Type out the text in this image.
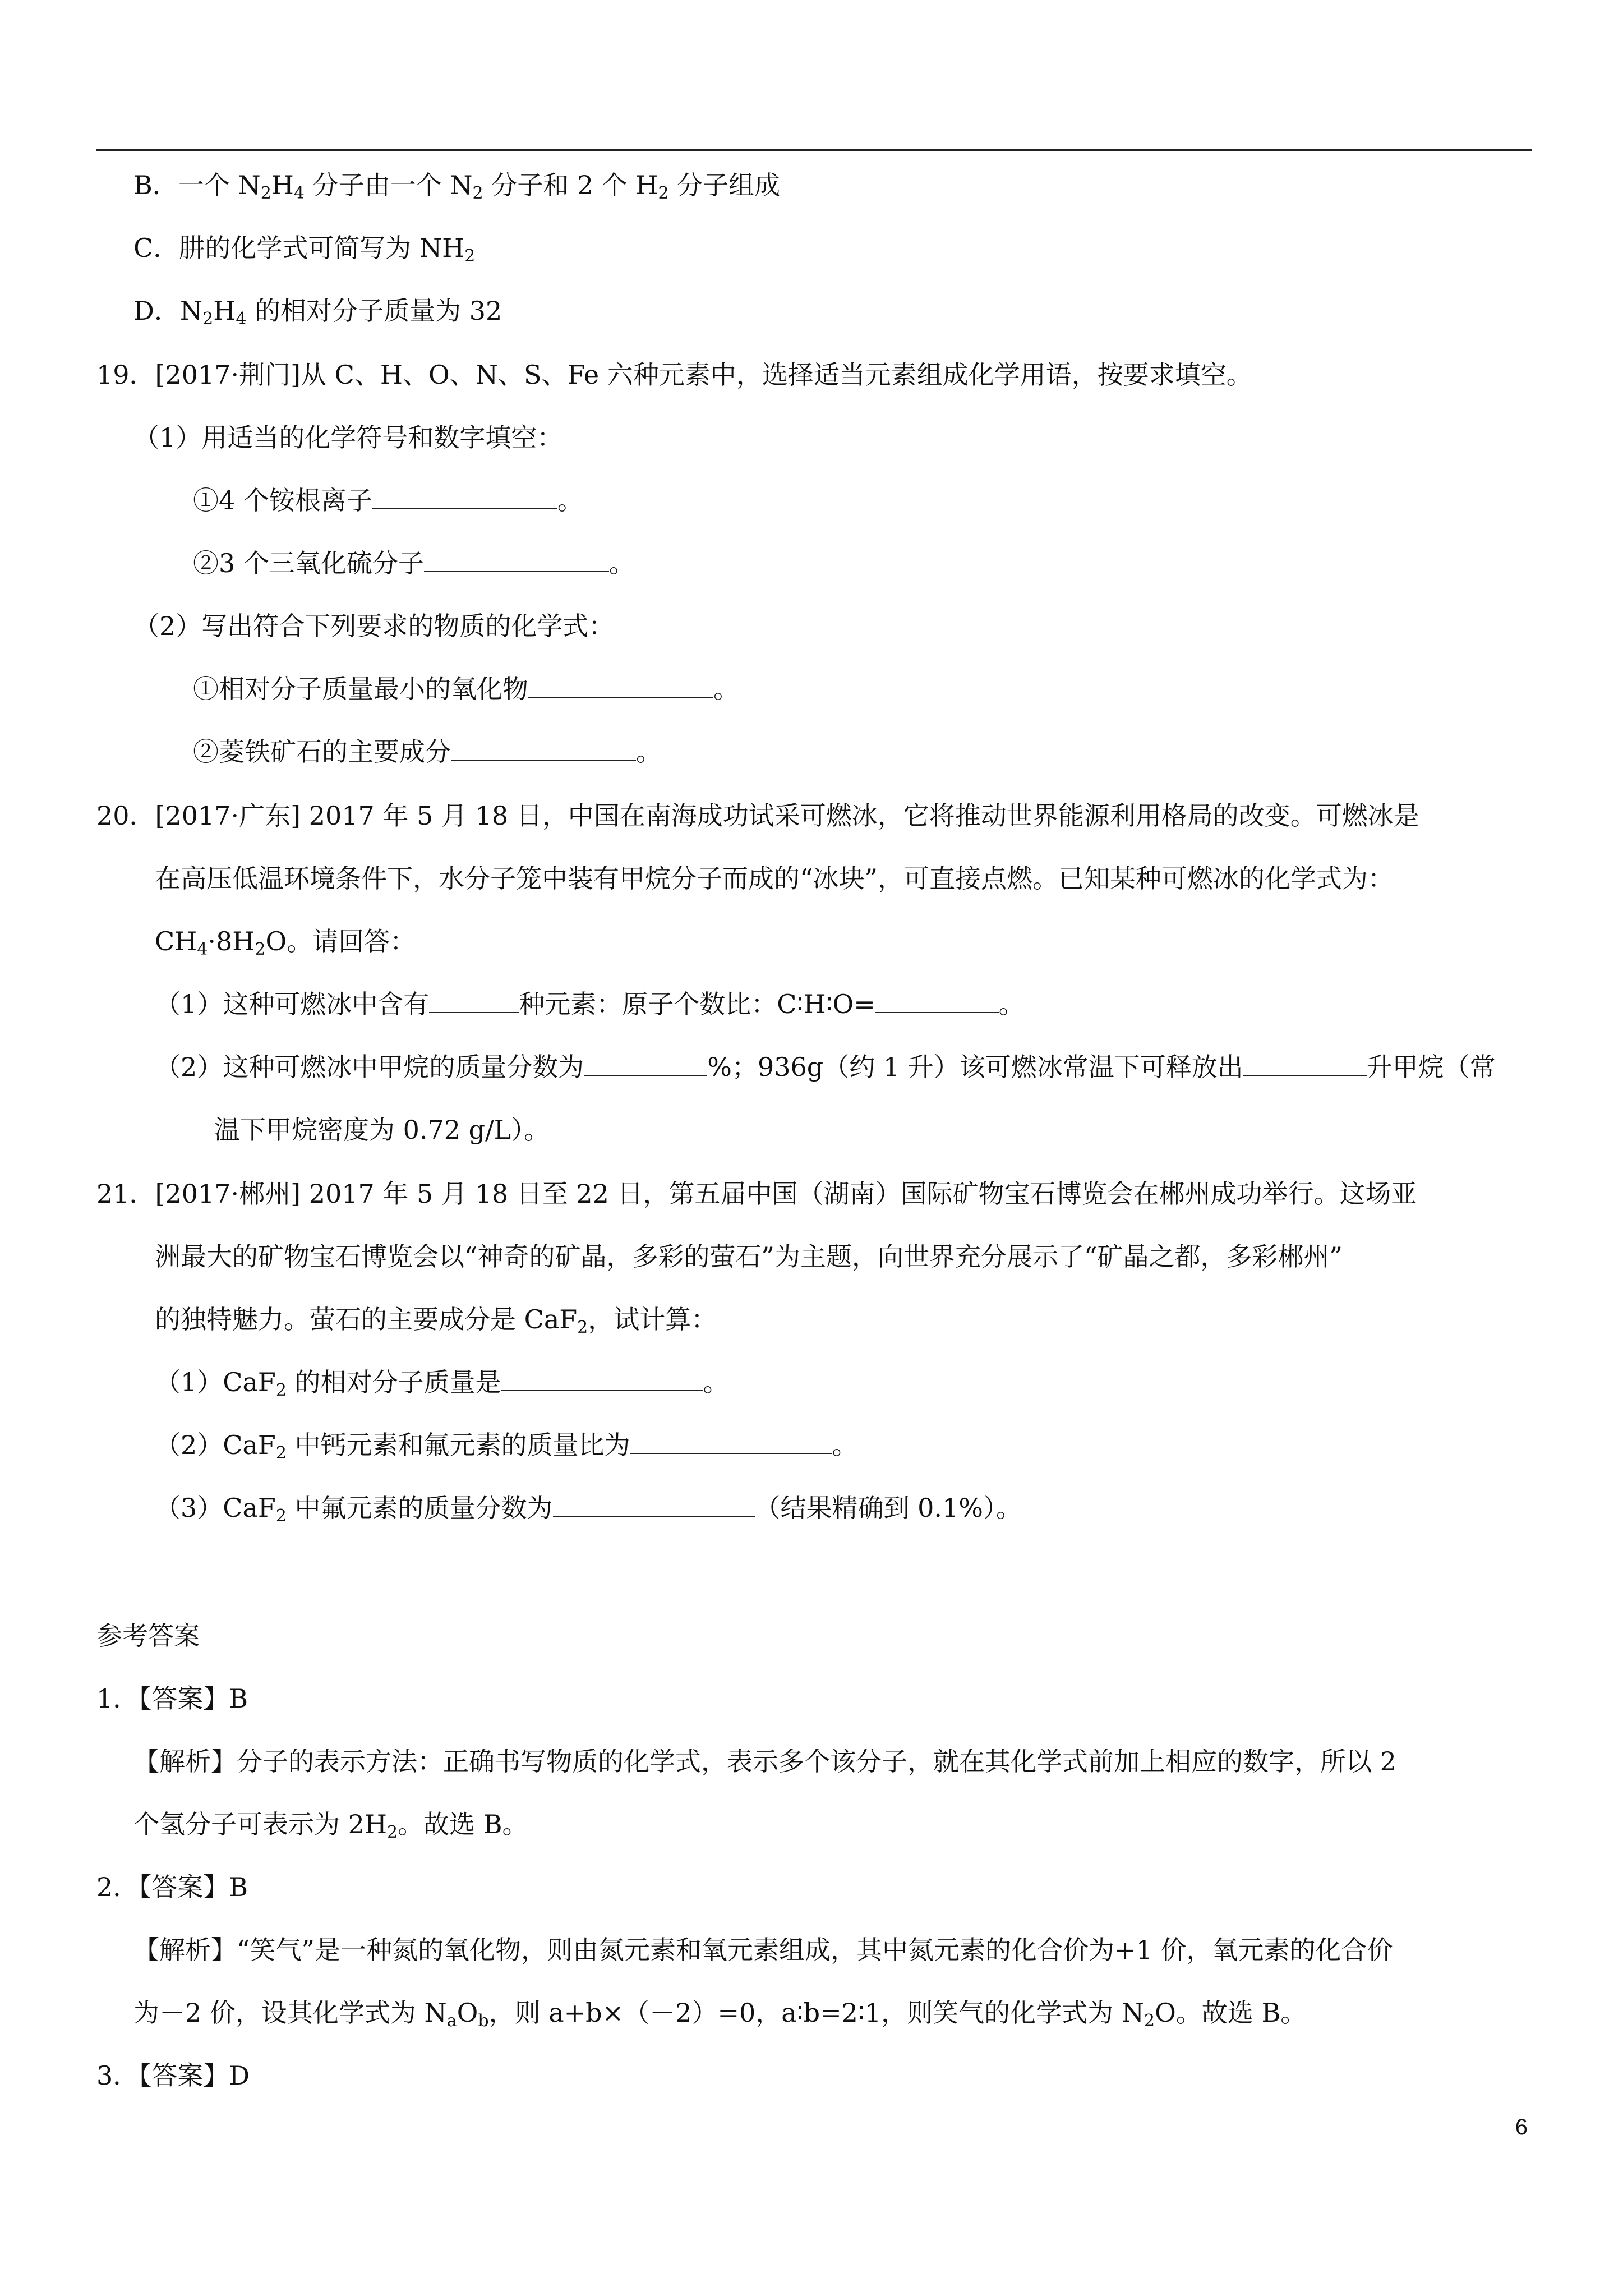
B．一个 $N_2H_4$ 分子由一个 $N_2$ 分子和 2 个 $H_2$ 分子组成
C．肼的化学式可简写为 $NH_2$
D．$N_2H_4$ 的相对分子质量为 32
19．[2017·荆门]从 C、H、O、N、S、Fe 六种元素中，选择适当元素组成化学用语，按要求填空。
（1）用适当的化学符号和数字填空：
①4 个铵根离子	。
②3 个三氧化硫分子	。
（2）写出符合下列要求的物质的化学式：
①相对分子质量最小的氧化物	。
②菱铁矿石的主要成分	。
20．[2017·广东] 2017 年 5 月 18 日，中国在南海成功试采可燃冰，它将推动世界能源利用格局的改变。可燃冰是
在高压低温环境条件下，水分子笼中装有甲烷分子而成的“冰块”，可直接点燃。已知某种可燃冰的化学式为：
$CH_4\cdot 8H_2O$。请回答：
（1）这种可燃冰中含有	种元素：原子个数比：C∶H∶O=	。
（2）这种可燃冰中甲烷的质量分数为	%；936g（约 1 升）该可燃冰常温下可释放出	升甲烷（常
温下甲烷密度为 0.72 g/L）。
21．[2017·郴州] 2017 年 5 月 18 日至 22 日，第五届中国（湖南）国际矿物宝石博览会在郴州成功举行。这场亚
洲最大的矿物宝石博览会以“神奇的矿晶，多彩的萤石”为主题，向世界充分展示了“矿晶之都，多彩郴州”
的独特魅力。萤石的主要成分是 CaF$_2$，试计算：
（1）CaF$_2$ 的相对分子质量是	。
（2）CaF$_2$ 中钙元素和氟元素的质量比为	。
（3）CaF$_2$ 中氟元素的质量分数为	（结果精确到 0.1%）。
参考答案
1．【答案】B
【解析】分子的表示方法：正确书写物质的化学式，表示多个该分子，就在其化学式前加上相应的数字，所以 2
个氢分子可表示为 $2H_2$。故选 B。
2．【答案】B
【解析】“笑气”是一种氮的氧化物，则由氮元素和氧元素组成，其中氮元素的化合价为+1 价，氧元素的化合价
为－2 价，设其化学式为 $N_aO_b$，则 a+b×（－2）=0，a∶b=2∶1，则笑气的化学式为 $N_2O$。故选 B。
3．【答案】D
6
